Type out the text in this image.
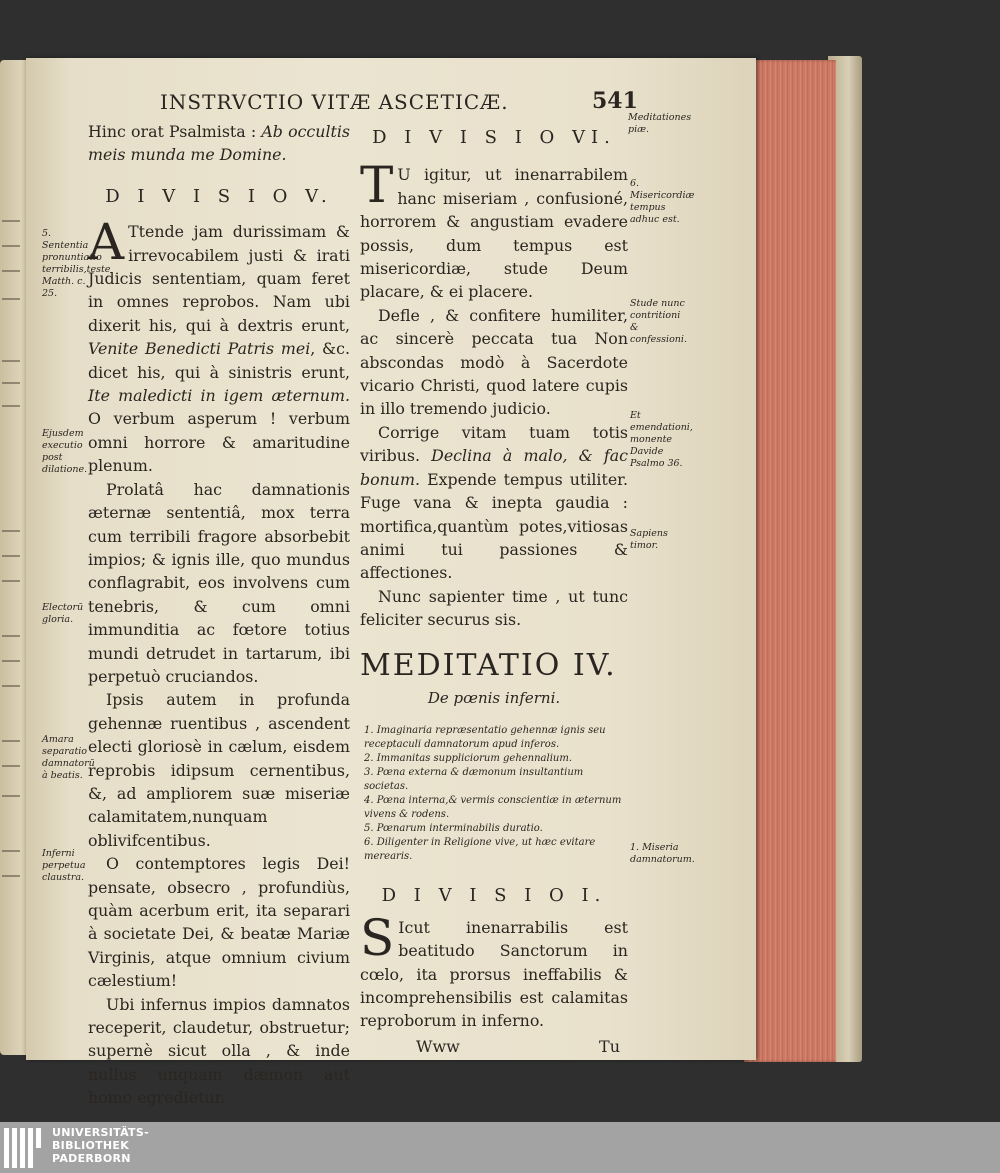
INSTRVCTIO VITÆ ASCETICÆ.	541

Hinc orat Psalmista : Ab occultis meis munda me Domine.

D I V I S I O V.

A Ttende jam durissimam & irrevocabilem justi & irati Judicis sententiam, quam feret in omnes reprobos. Nam ubi dixerit his, qui à dextris erunt, Venite Benedicti Patris mei, &c. dicet his, qui à sinistris erunt, Ite maledicti in igem æternum. O verbum asperum ! verbum omni horrore & amaritudine plenum.

Prolatâ hac damnationis æternæ sententiâ, mox terra cum terribili fragore absorbebit impios; & ignis ille, quo mundus conflagrabit, eos involvens cum tenebris, & cum omni immunditia ac fœtore totius mundi detrudet in tartarum, ibi perpetuò cruciandos.

Ipsis autem in profunda gehennæ ruentibus , ascendent electi gloriosè in cælum, eisdem reprobis idipsum cernentibus, &, ad ampliorem suæ miseriæ calamitatem,nunquam oblivifcentibus.

O contemptores legis Dei! pensate, obsecro , profundiùs, quàm acerbum erit, ita separari à societate Dei, & beatæ Mariæ Virginis, atque omnium civium cælestium!

Ubi infernus impios damnatos receperit, claudetur, obstruetur; supernè sicut olla , & inde nullus unquam dæmon aut homo egredietur.

5. Sententia pronuntiatio terribilis,teste Matth. c. 25.
Ejusdem executio post dilatione.
Electorū gloria.
Amara separatio damnatorū à beatis.
Inferni perpetua claustra.
D I V I S I O VI.

T U igitur, ut inenarrabilem hanc miseriam , confusioné, horrorem & angustiam evadere possis, dum tempus est misericordiæ, stude Deum placare, & ei placere.

Defle , & confitere humiliter, ac sincerè peccata tua Non abscondas modò à Sacerdote vicario Christi, quod latere cupis in illo tremendo judicio.

Corrige vitam tuam totis viribus. Declina à malo, & fac bonum. Expende tempus utiliter. Fuge vana & inepta gaudia : mortifica,quantùm potes,vitiosas animi tui passiones & affectiones.

Nunc sapienter time , ut tunc feliciter securus sis.

MEDITATIO IV.
De pœnis inferni.
1. Imaginaria repræsentatio gehennæ ignis seu receptaculi damnatorum apud inferos.
2. Immanitas suppliciorum gehennalium.
3. Pœna externa & dæmonum insultantium societas.
4. Pœna interna,& vermis conscientiæ in æternum vivens & rodens.
5. Pœnarum interminabilis duratio.
6. Diligenter in Religione vive, ut hæc evitare merearis.
D I V I S I O I.

S Icut inenarrabilis est beatitudo Sanctorum in cœlo, ita prorsus ineffabilis & incomprehensibilis est calamitas reproborum in inferno.

Www	Tu
Meditationes piæ.
6. Misericordiæ tempus adhuc est.
Stude nunc contritioni & confessioni.
Et emendationi, monente Davide Psalmo 36.
Sapiens timor.
1. Miseria damnatorum.
UNIVERSITÄTS-
BIBLIOTHEK
PADERBORN
